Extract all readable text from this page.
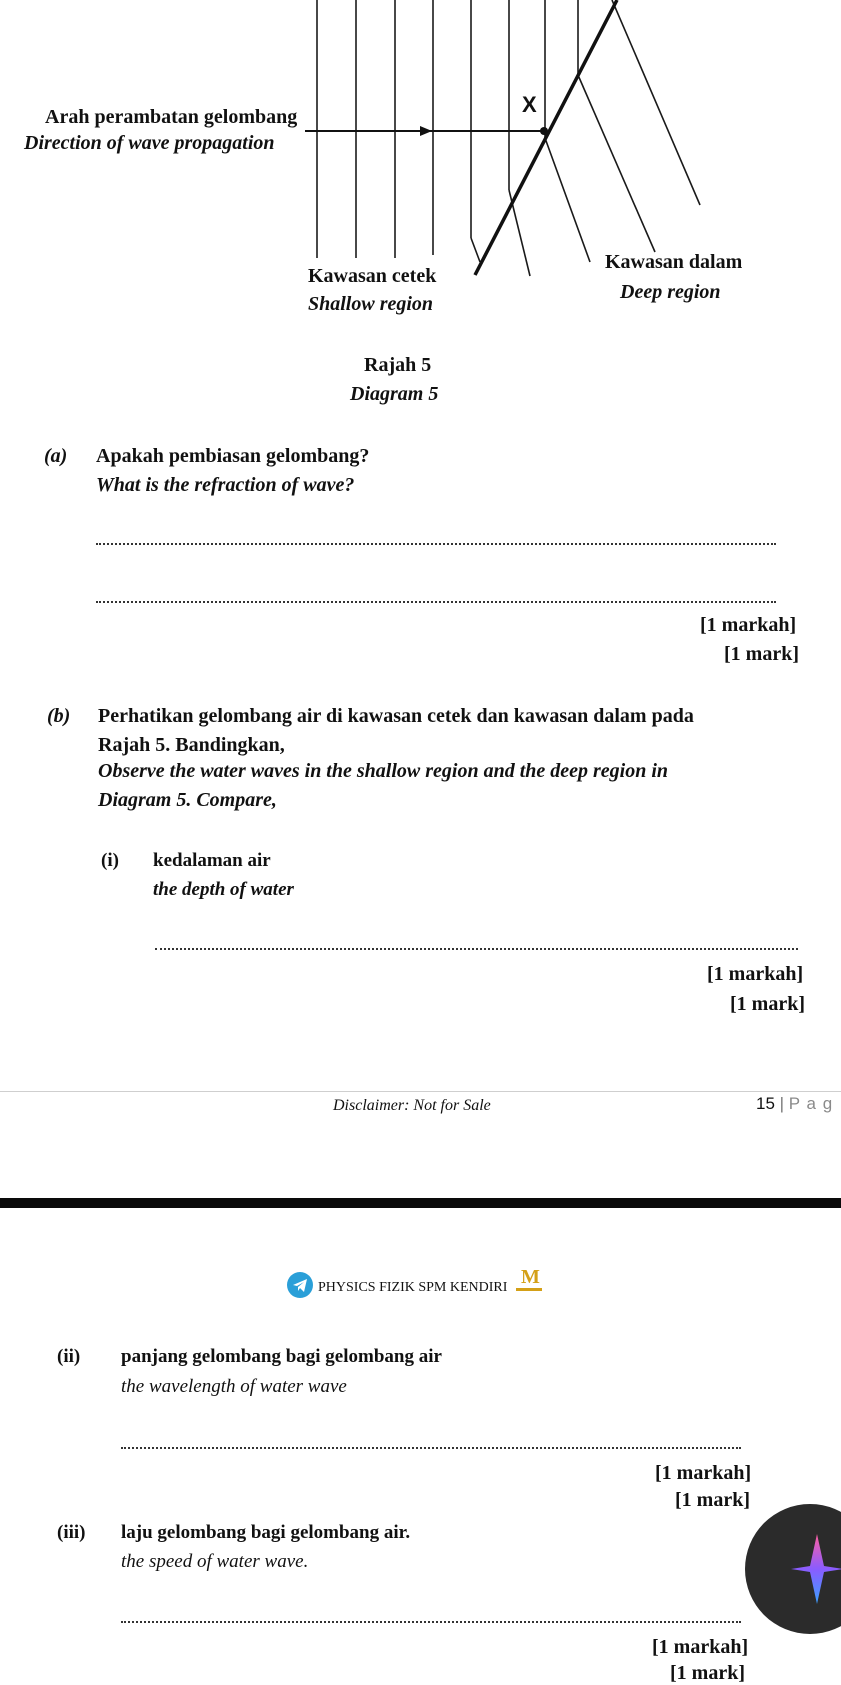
Arah perambatan gelombang
Direction of wave propagation
X
Kawasan cetek
Shallow region
Kawasan dalam
Deep region
Rajah 5
Diagram 5
(a) Apakah pembiasan gelombang?
What is the refraction of wave?
[1 markah]
[1 mark]
(b) Perhatikan gelombang air di kawasan cetek dan kawasan dalam pada
Rajah 5. Bandingkan,
Observe the water waves in the shallow region and the deep region in
Diagram 5. Compare,
(i) kedalaman air
the depth of water
[1 markah]
[1 mark]
Disclaimer: Not for Sale	15 | P a g
PHYSICS FIZIK SPM KENDIRI M
(ii) panjang gelombang bagi gelombang air
the wavelength of water wave
[1 markah]
[1 mark]
(iii) laju gelombang bagi gelombang air.
the speed of water wave.
[1 markah]
[1 mark]
